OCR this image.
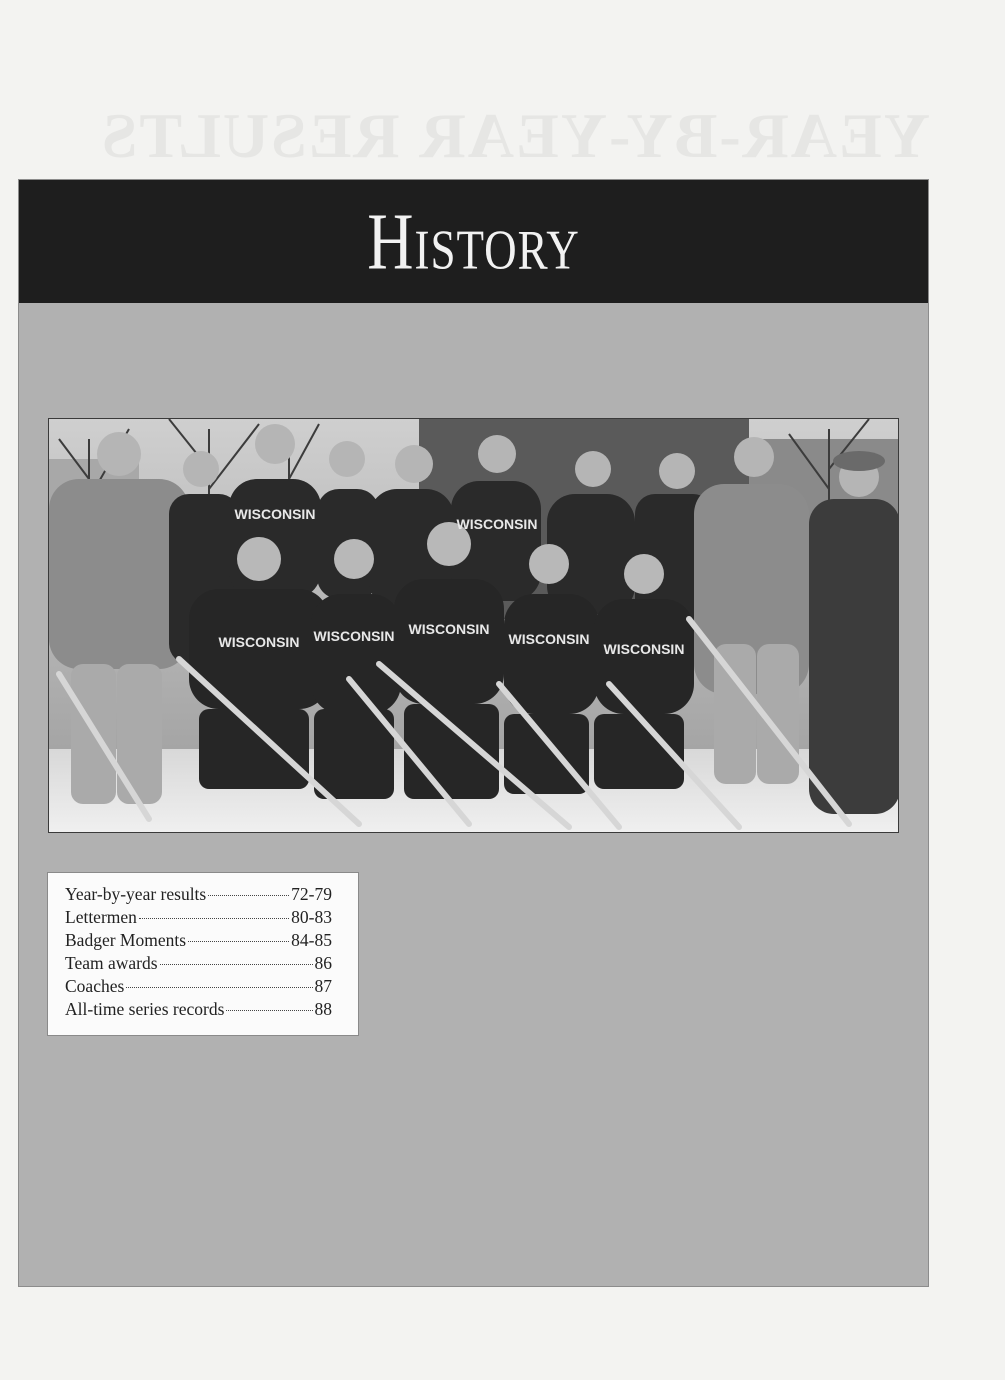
YEAR-BY-YEAR RESULTS
History
WISCONSIN
WISCONSIN
WISCONSIN WISCONSIN WISCONSIN
WISCONSIN
WISCONSIN
Year-by-year results	72-79
Lettermen	80-83
Badger Moments	84-85
Team awards	86
Coaches	87
All-time series records	88
